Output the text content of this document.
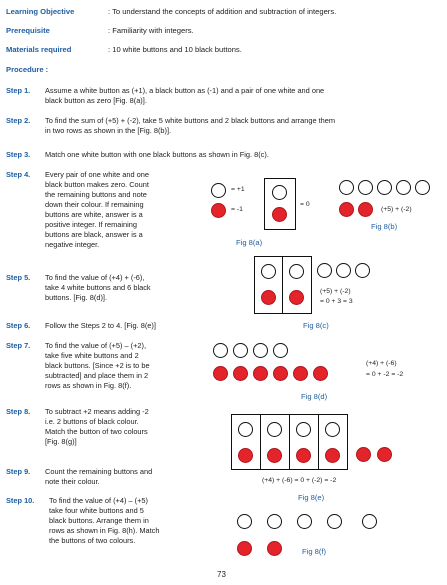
Learning Objective	: To understand the concepts of addition and subtraction of integers.
Prerequisite	: Familiarity with integers.
Materials required	: 10 white buttons and 10 black buttons.
Procedure :
Step 1. Assume a white button as (+1), a black button as (-1) and a pair of one white and one
black button as zero [Fig. 8(a)].
Step 2. To find the sum of (+5) + (-2), take 5 white buttons and 2 black buttons and arrange them
in two rows as shown in the [Fig. 8(b)].
Step 3. Match one white button with one black buttons as shown in Fig. 8(c).
Step 4. Every pair of one white and one
black button makes zero. Count
the remaining buttons and note
down their colour. If remaining
buttons are white, answer is a
positive integer. If remaining
buttons are black, answer is a
negative integer.
Step 5. To find the value of (+4) + (-6),
take 4 white buttons and 6 black
buttons. [Fig. 8(d)].
Step 6. Follow the Steps 2 to 4. [Fig. 8(e)]
Step 7. To find the value of (+5) – (+2),
take five white buttons and 2
black buttons. [Since +2 is to be
subtracted] and place them in 2
rows as shown in Fig. 8(f).
Step 8. To subtract +2 means adding -2
i.e. 2 buttons of black colour.
Match the button of two colours
[Fig. 8(g)]
Step 9. Count the remaining buttons and
note their colour.
Step 10. To find the value of (+4) – (+5)
take four white buttons and 5
black buttons. Arrange them in
rows as shown in Fig. 8(h). Match
the buttons of two colours.
= +1
= -1
= 0
Fig 8(a)
(+5) + (-2)
Fig 8(b)
(+5) + (-2)
= 0 + 3 = 3
Fig 8(c)
(+4) + (-6)
= 0 + -2 = -2
Fig 8(d)
(+4) + (-6) = 0 + (-2) = -2
Fig 8(e)
Fig 8(f)
73
